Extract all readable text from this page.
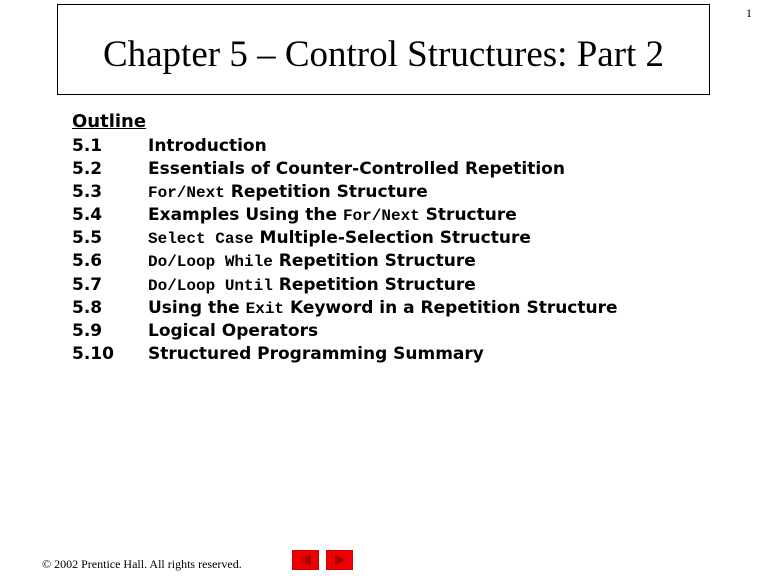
1
Chapter 5 – Control Structures: Part 2
Outline
5.1	Introduction
5.2	Essentials of Counter-Controlled Repetition
5.3	For/Next Repetition Structure
5.4	Examples Using the For/Next Structure
5.5	Select Case Multiple-Selection Structure
5.6	Do/Loop While Repetition Structure
5.7	Do/Loop Until Repetition Structure
5.8	Using the Exit Keyword in a Repetition Structure
5.9	Logical Operators
5.10 Structured Programming Summary
© 2002 Prentice Hall. All rights reserved.
